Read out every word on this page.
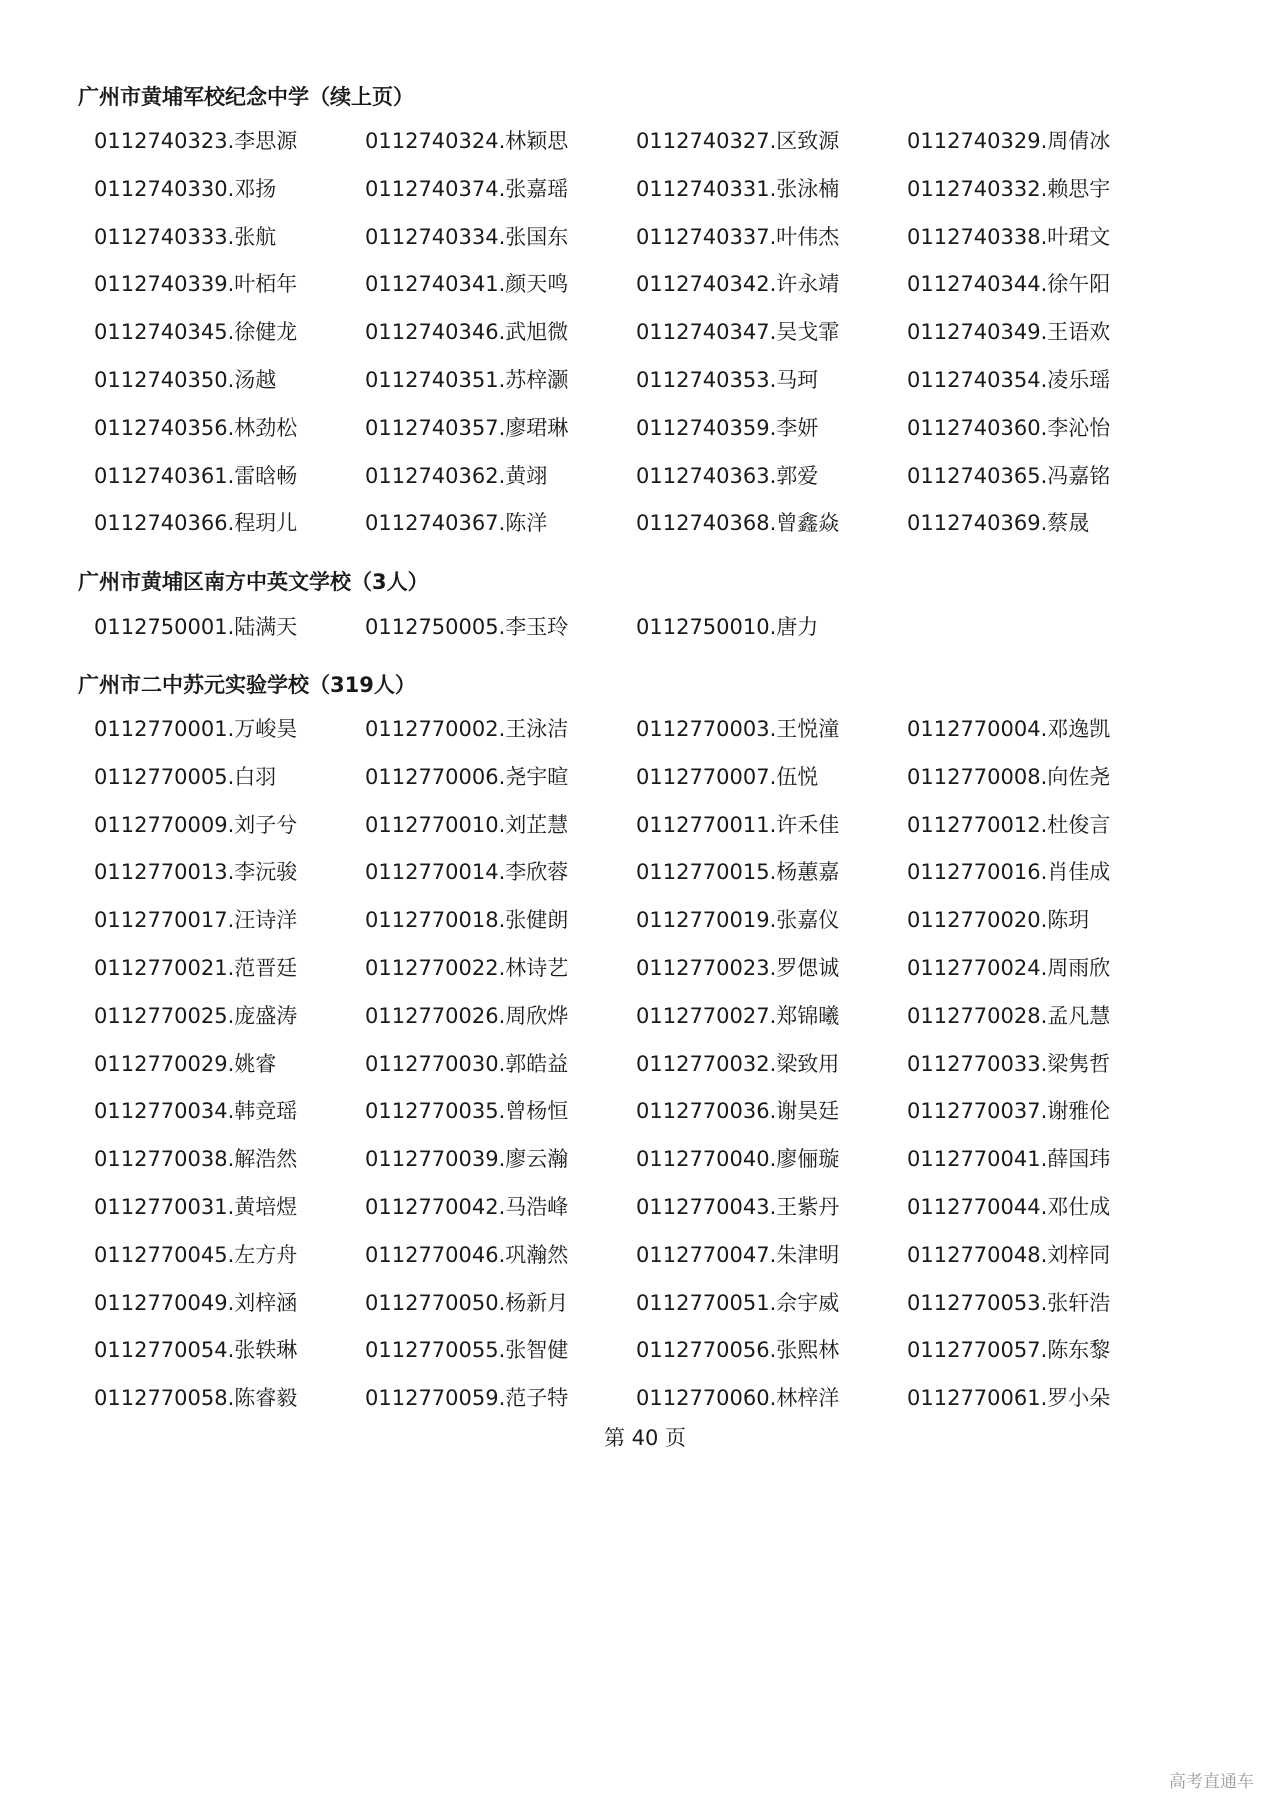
广州市黄埔军校纪念中学（续上页）
0112740323.李思源	0112740324.林颖思	0112740327.区致源	0112740329.周倩冰
0112740330.邓扬	0112740374.张嘉瑶	0112740331.张泳楠	0112740332.赖思宇
0112740333.张航	0112740334.张国东	0112740337.叶伟杰	0112740338.叶珺文
0112740339.叶栢年	0112740341.颜天鸣	0112740342.许永靖	0112740344.徐午阳
0112740345.徐健龙	0112740346.武旭微	0112740347.吴戈霏	0112740349.王语欢
0112740350.汤越	0112740351.苏梓灏	0112740353.马珂	0112740354.凌乐瑶
0112740356.林劲松	0112740357.廖珺琳	0112740359.李妍	0112740360.李沁怡
0112740361.雷晗畅	0112740362.黄翊	0112740363.郭爱	0112740365.冯嘉铭
0112740366.程玥儿	0112740367.陈洋	0112740368.曾鑫焱	0112740369.蔡晟
广州市黄埔区南方中英文学校（3人）
0112750001.陆满天	0112750005.李玉玲	0112750010.唐力
广州市二中苏元实验学校（319人）
0112770001.万峻昊	0112770002.王泳洁	0112770003.王悦潼	0112770004.邓逸凯
0112770005.白羽	0112770006.尧宇暄	0112770007.伍悦	0112770008.向佐尧
0112770009.刘子兮	0112770010.刘芷慧	0112770011.许禾佳	0112770012.杜俊言
0112770013.李沅骏	0112770014.李欣蓉	0112770015.杨蕙嘉	0112770016.肖佳成
0112770017.汪诗洋	0112770018.张健朗	0112770019.张嘉仪	0112770020.陈玥
0112770021.范晋廷	0112770022.林诗艺	0112770023.罗偲诚	0112770024.周雨欣
0112770025.庞盛涛	0112770026.周欣烨	0112770027.郑锦曦	0112770028.孟凡慧
0112770029.姚睿	0112770030.郭皓益	0112770032.梁致用	0112770033.梁隽哲
0112770034.韩竞瑶	0112770035.曾杨恒	0112770036.谢昊廷	0112770037.谢雅伦
0112770038.解浩然	0112770039.廖云瀚	0112770040.廖俪璇	0112770041.薛国玮
0112770031.黄培煜	0112770042.马浩峰	0112770043.王紫丹	0112770044.邓仕成
0112770045.左方舟	0112770046.巩瀚然	0112770047.朱津明	0112770048.刘梓同
0112770049.刘梓涵	0112770050.杨新月	0112770051.佘宇威	0112770053.张轩浩
0112770054.张轶琳	0112770055.张智健	0112770056.张熙林	0112770057.陈东黎
0112770058.陈睿毅	0112770059.范子特	0112770060.林梓洋	0112770061.罗小朵
第 40 页
高考直通车
